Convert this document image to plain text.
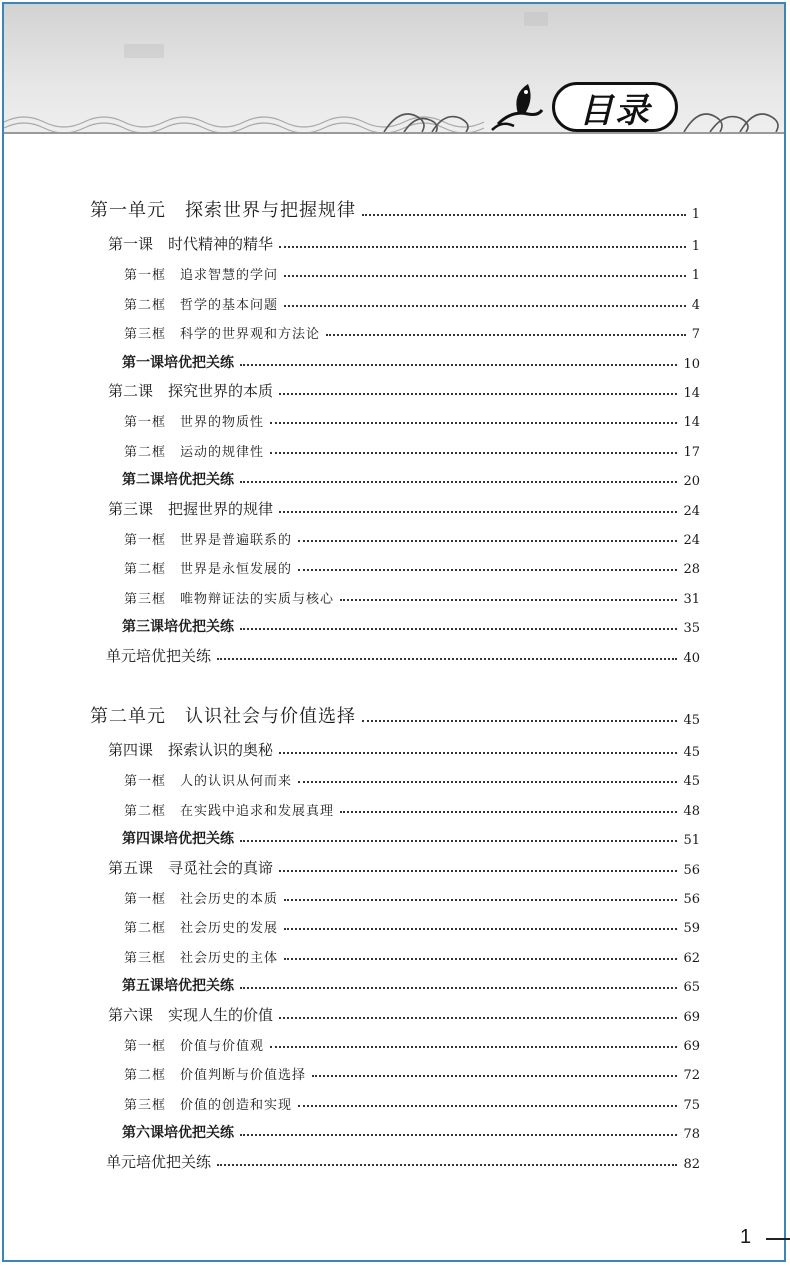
目录
第一单元　探索世界与把握规律	1
第一课　时代精神的精华	1
第一框　追求智慧的学问	1
第二框　哲学的基本问题	4
第三框　科学的世界观和方法论	7
第一课培优把关练	10
第二课　探究世界的本质	14
第一框　世界的物质性	14
第二框　运动的规律性	17
第二课培优把关练	20
第三课　把握世界的规律	24
第一框　世界是普遍联系的	24
第二框　世界是永恒发展的	28
第三框　唯物辩证法的实质与核心	31
第三课培优把关练	35
单元培优把关练	40
第二单元　认识社会与价值选择	45
第四课　探索认识的奥秘	45
第一框　人的认识从何而来	45
第二框　在实践中追求和发展真理	48
第四课培优把关练	51
第五课　寻觅社会的真谛	56
第一框　社会历史的本质	56
第二框　社会历史的发展	59
第三框　社会历史的主体	62
第五课培优把关练	65
第六课　实现人生的价值	69
第一框　价值与价值观	69
第二框　价值判断与价值选择	72
第三框　价值的创造和实现	75
第六课培优把关练	78
单元培优把关练	82
1
